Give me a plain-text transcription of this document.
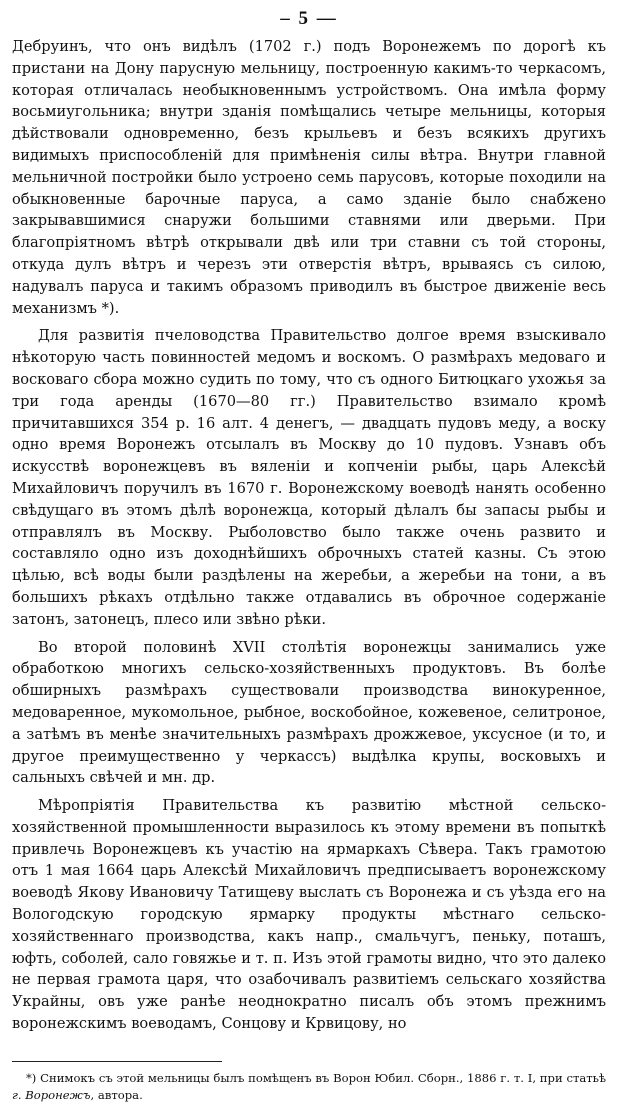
– 5 —

Дебруинъ, что онъ видѣлъ (1702 г.) подъ Воронежемъ по дорогѣ къ пристани на Дону парусную мельницу, построенную какимъ-то черкасомъ, которая отличалась необыкновеннымъ устройствомъ. Она имѣла форму восьмиугольника; внутри зданія помѣщались четыре мельницы, которыя дѣйствовали одновременно, безъ крыльевъ и безъ всякихъ другихъ видимыхъ приспособленій для примѣненія силы вѣтра. Внутри главной мельничной постройки было устроено семь парусовъ, которые походили на обыкновенные барочные паруса, а само зданіе было снабжено закрывавшимися снаружи большими ставнями или дверьми. При благопріятномъ вѣтрѣ открывали двѣ или три ставни съ той стороны, откуда дулъ вѣтръ и черезъ эти отверстія вѣтръ, врываясь съ силою, надувалъ паруса и такимъ образомъ приводилъ въ быстрое движеніе весь механизмъ *).

Для развитія пчеловодства Правительство долгое время взыскивало нѣкоторую часть повинностей медомъ и воскомъ. О размѣрахъ медоваго и восковаго сбора можно судить по тому, что съ одного Битюцкаго ухожья за три года аренды (1670—80 гг.) Правительство взимало кромѣ причитавшихся 354 р. 16 алт. 4 денегъ, — двадцать пудовъ меду, а воску одно время Воронежъ отсылалъ въ Москву до 10 пудовъ. Узнавъ объ искусствѣ воронежцевъ въ вяленіи и копченіи рыбы, царь Алексѣй Михайловичъ поручилъ въ 1670 г. Воронежскому воеводѣ нанять особенно свѣдущаго въ этомъ дѣлѣ воронежца, который дѣлалъ бы запасы рыбы и отправлялъ въ Москву. Рыболовство было также очень развито и составляло одно изъ доходнѣйшихъ оброчныхъ статей казны. Съ этою цѣлью, всѣ воды были раздѣлены на жеребьи, а жеребьи на тони, а въ большихъ рѣкахъ отдѣльно также отдавались въ оброчное содержаніе затонъ, затонецъ, плесо или звѣно рѣки.

Во второй половинѣ XVII столѣтія воронежцы занимались уже обработкою многихъ сельско-хозяйственныхъ продуктовъ. Въ болѣе обширныхъ размѣрахъ существовали производства винокуренное, медоваренное, мукомольное, рыбное, воскобойное, кожевеное, селитроное, а затѣмъ въ менѣе значительныхъ размѣрахъ дрожжевое, уксусное (и то, и другое преимущественно у черкассъ) выдѣлка крупы, восковыхъ и сальныхъ свѣчей и мн. др.

Мѣропріятія Правительства къ развитію мѣстной сельско-хозяйственной промышленности выразилось къ этому времени въ попыткѣ привлечь Воронежцевъ къ участію на ярмаркахъ Сѣвера. Такъ грамотою отъ 1 мая 1664 царь Алексѣй Михайловичъ предписываетъ воронежскому воеводѣ Якову Ивановичу Татищеву выслать съ Воронежа и съ уѣзда его на Вологодскую городскую ярмарку продукты мѣстнаго сельско-хозяйственнаго производства, какъ напр., смальчугъ, пеньку, поташъ, юфть, соболей, сало говяжье и т. п. Изъ этой грамоты видно, что это далеко не первая грамота царя, что озабочивалъ развитіемъ сельскаго хозяйства Украйны, овъ уже ранѣе неоднократно писалъ объ этомъ прежнимъ воронежскимъ воеводамъ, Сонцову и Крвицову, но

*) Снимокъ съ этой мельницы былъ помѣщенъ въ Ворон Юбил. Сборн., 1886 г. т. I, при статьѣ г. Воронежъ, автора.
